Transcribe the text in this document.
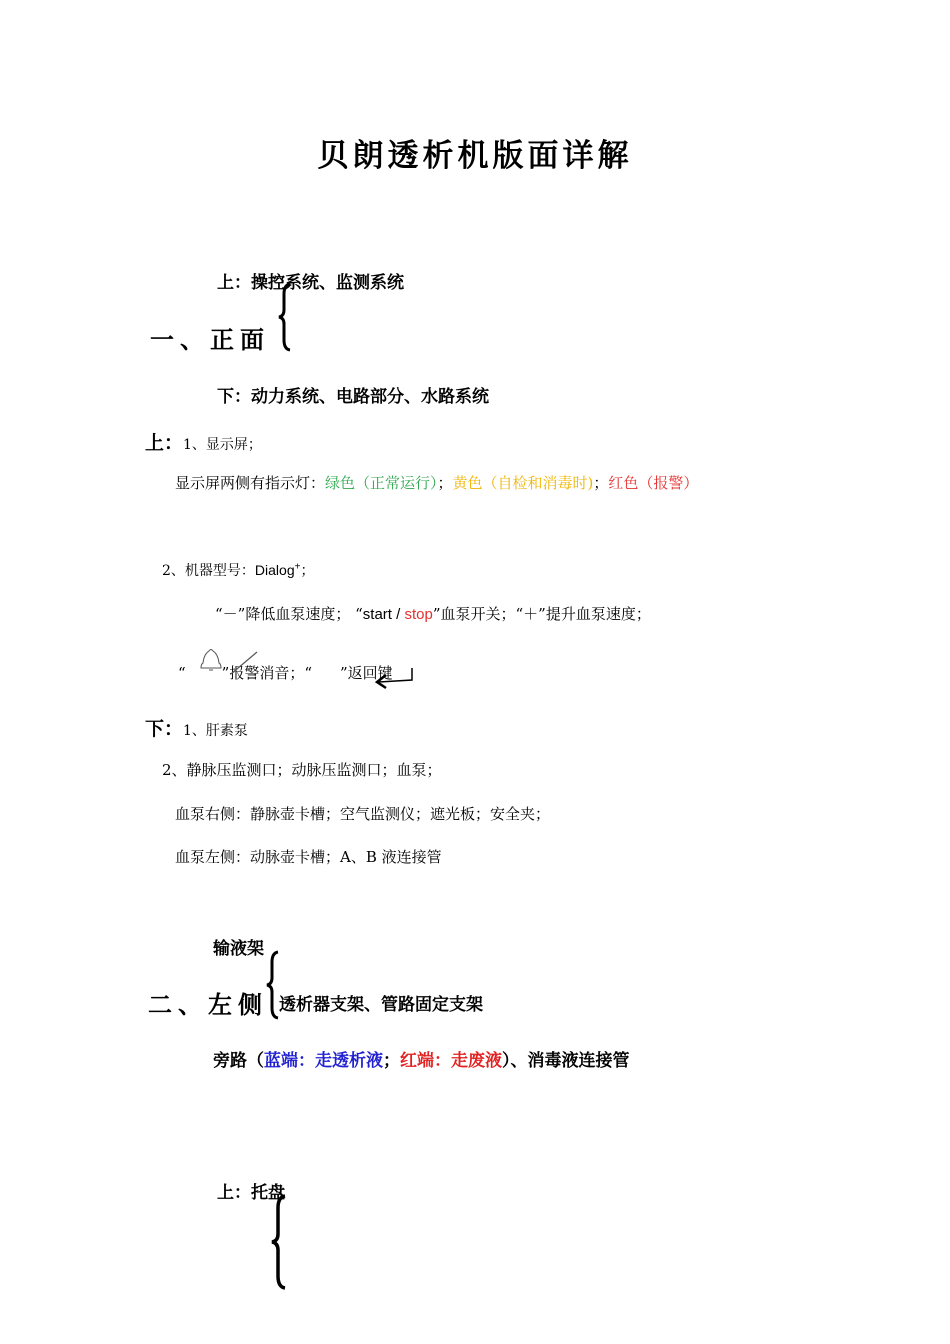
贝朗透析机版面详解
上：操控系统、监测系统
一、正面
下：动力系统、电路部分、水路系统
上：1、显示屏；
显示屏两侧有指示灯：绿色（正常运行）；黄色（自检和消毒时)；红色（报警）
2、机器型号：Dialog+；
“－”降低血泵速度； “start / stop”血泵开关；“＋”提升血泵速度；
“ ”报警消音；“ ”返回键
下：1、肝素泵
2、静脉压监测口；动脉压监测口；血泵；
血泵右侧：静脉壶卡槽；空气监测仪；遮光板；安全夹；
血泵左侧：动脉壶卡槽；A、B 液连接管
输液架
二、左侧 透析器支架、管路固定支架
旁路（蓝端：走透析液；红端：走废液）、消毒液连接管
上：托盘
